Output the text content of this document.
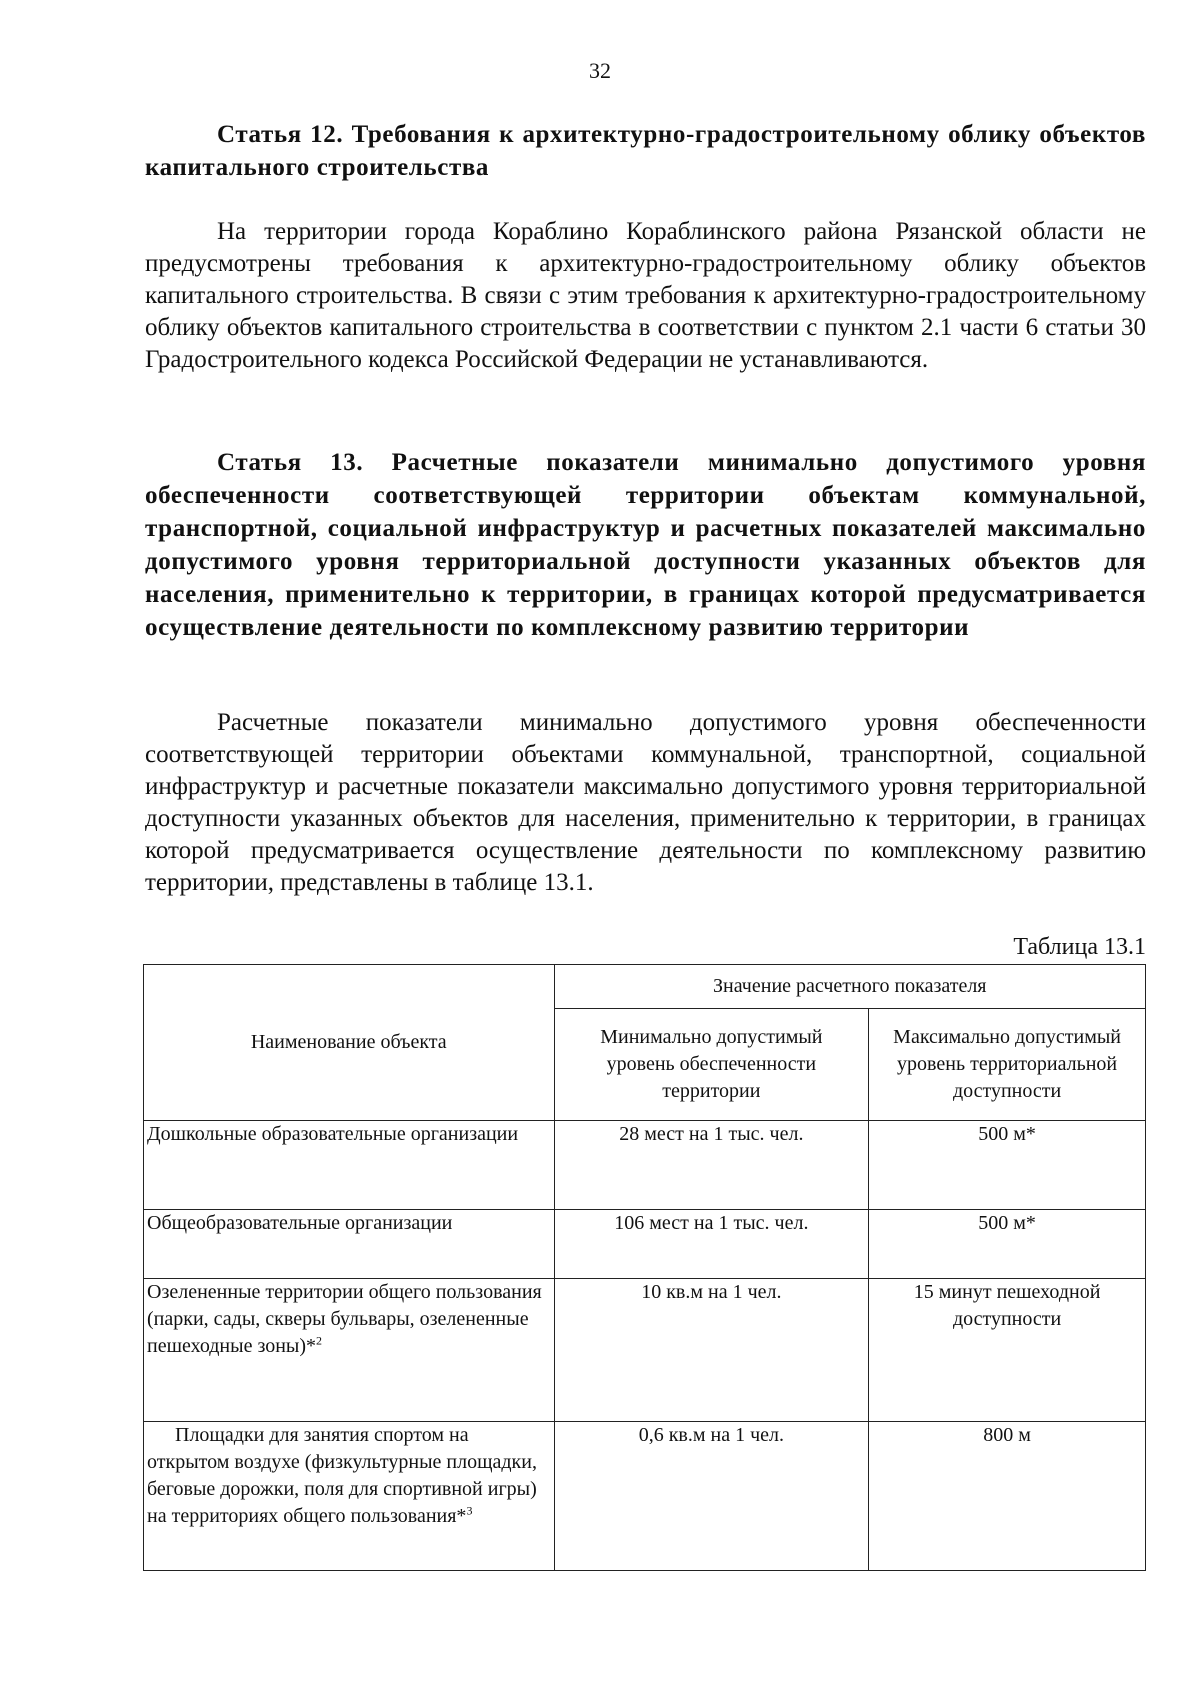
32
Статья 12. Требования к архитектурно-градостроительному облику объектов капитального строительства
На территории города Кораблино Кораблинского района Рязанской области не предусмотрены требования к архитектурно-градостроительному облику объектов капитального строительства. В связи с этим требования к архитектурно-градостроительному облику объектов капитального строительства в соответствии с пунктом 2.1 части 6 статьи 30 Градостроительного кодекса Российской Федерации не устанавливаются.
Статья 13. Расчетные показатели минимально допустимого уровня обеспеченности соответствующей территории объектам коммунальной, транспортной, социальной инфраструктур и расчетных показателей максимально допустимого уровня территориальной доступности указанных объектов для населения, применительно к территории, в границах которой предусматривается осуществление деятельности по комплексному развитию территории
Расчетные показатели минимально допустимого уровня обеспеченности соответствующей территории объектами коммунальной, транспортной, социальной инфраструктур и расчетные показатели максимально допустимого уровня территориальной доступности указанных объектов для населения, применительно к территории, в границах которой предусматривается осуществление деятельности по комплексному развитию территории, представлены в таблице 13.1.
Таблица 13.1
Наименование объекта	Значение расчетного показателя	
	Минимально допустимый уровень обеспеченности территории	Максимально допустимый уровень территориальной доступности
Дошкольные образовательные организации	28 мест на 1 тыс. чел.	500 м*
Общеобразовательные организации	106 мест на 1 тыс. чел.	500 м*
Озелененные территории общего пользования (парки, сады, скверы бульвары, озелененные пешеходные зоны)*$^2$	10 кв.м на 1 чел.	15 минут пешеходной доступности
Площадки для занятия спортом на открытом воздухе (физкультурные площадки, беговые дорожки, поля для спортивной игры) на территориях общего пользования*$^3$	0,6 кв.м на 1 чел.	800 м
